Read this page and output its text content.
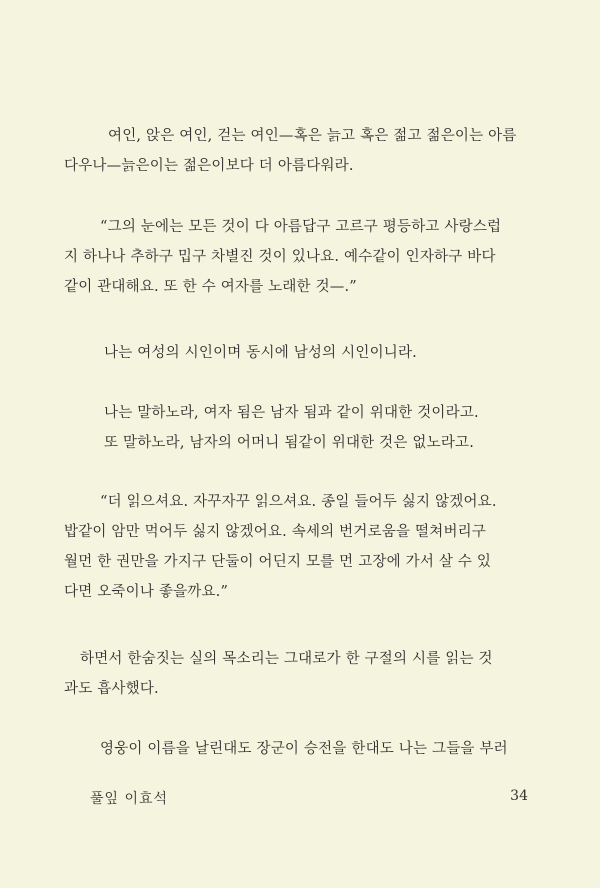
여인, 앉은 여인, 걷는 여인—혹은 늙고 혹은 젊고 젊은이는 아름
다우나—늙은이는 젊은이보다 더 아름다워라.
“그의 눈에는 모든 것이 다 아름답구 고르구 평등하고 사랑스럽
지 하나나 추하구 밉구 차별진 것이 있나요. 예수같이 인자하구 바다
같이 관대해요. 또 한 수 여자를 노래한 것—.”
나는 여성의 시인이며 동시에 남성의 시인이니라.
나는 말하노라, 여자 됨은 남자 됨과 같이 위대한 것이라고.
또 말하노라, 남자의 어머니 됨같이 위대한 것은 없노라고.
“더 읽으셔요. 자꾸자꾸 읽으셔요. 종일 들어두 싫지 않겠어요.
밥같이 암만 먹어두 싫지 않겠어요. 속세의 번거로움을 떨쳐버리구
월먼 한 권만을 가지구 단둘이 어딘지 모를 먼 고장에 가서 살 수 있
다면 오죽이나 좋을까요.”
하면서 한숨짓는 실의 목소리는 그대로가 한 구절의 시를 읽는 것
과도 흡사했다.
영웅이 이름을 날린대도 장군이 승전을 한대도 나는 그들을 부러
풀잎 이효석	34
